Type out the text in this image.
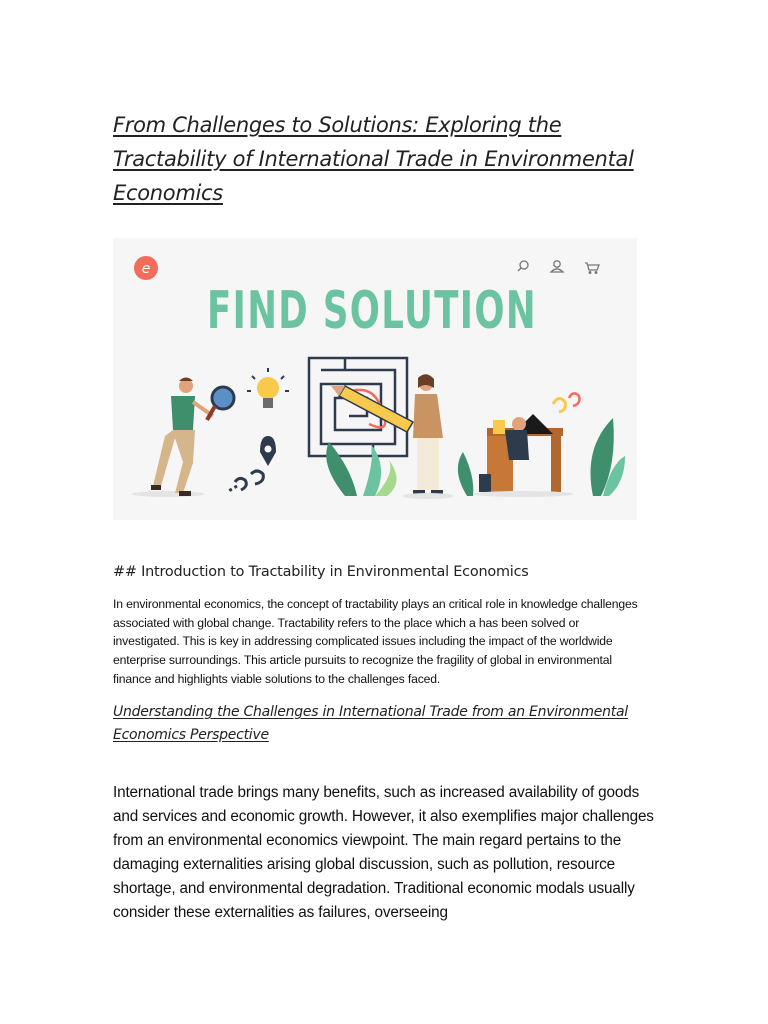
From Challenges to Solutions: Exploring the Tractability of International Trade in Environmental Economics
e
FIND SOLUTION
## Introduction to Tractability in Environmental Economics

In environmental economics, the concept of tractability plays an critical role in knowledge challenges associated with global change. Tractability refers to the place which a has been solved or investigated. This is key in addressing complicated issues including the impact of the worldwide enterprise surroundings. This article pursuits to recognize the fragility of global in environmental finance and highlights viable solutions to the challenges faced.

Understanding the Challenges in International Trade from an Environmental Economics Perspective

International trade brings many benefits, such as increased availability of goods and services and economic growth. However, it also exemplifies major challenges from an environmental economics viewpoint. The main regard pertains to the damaging externalities arising global discussion, such as pollution, resource shortage, and environmental degradation. Traditional economic modals usually consider these externalities as failures, overseeing
